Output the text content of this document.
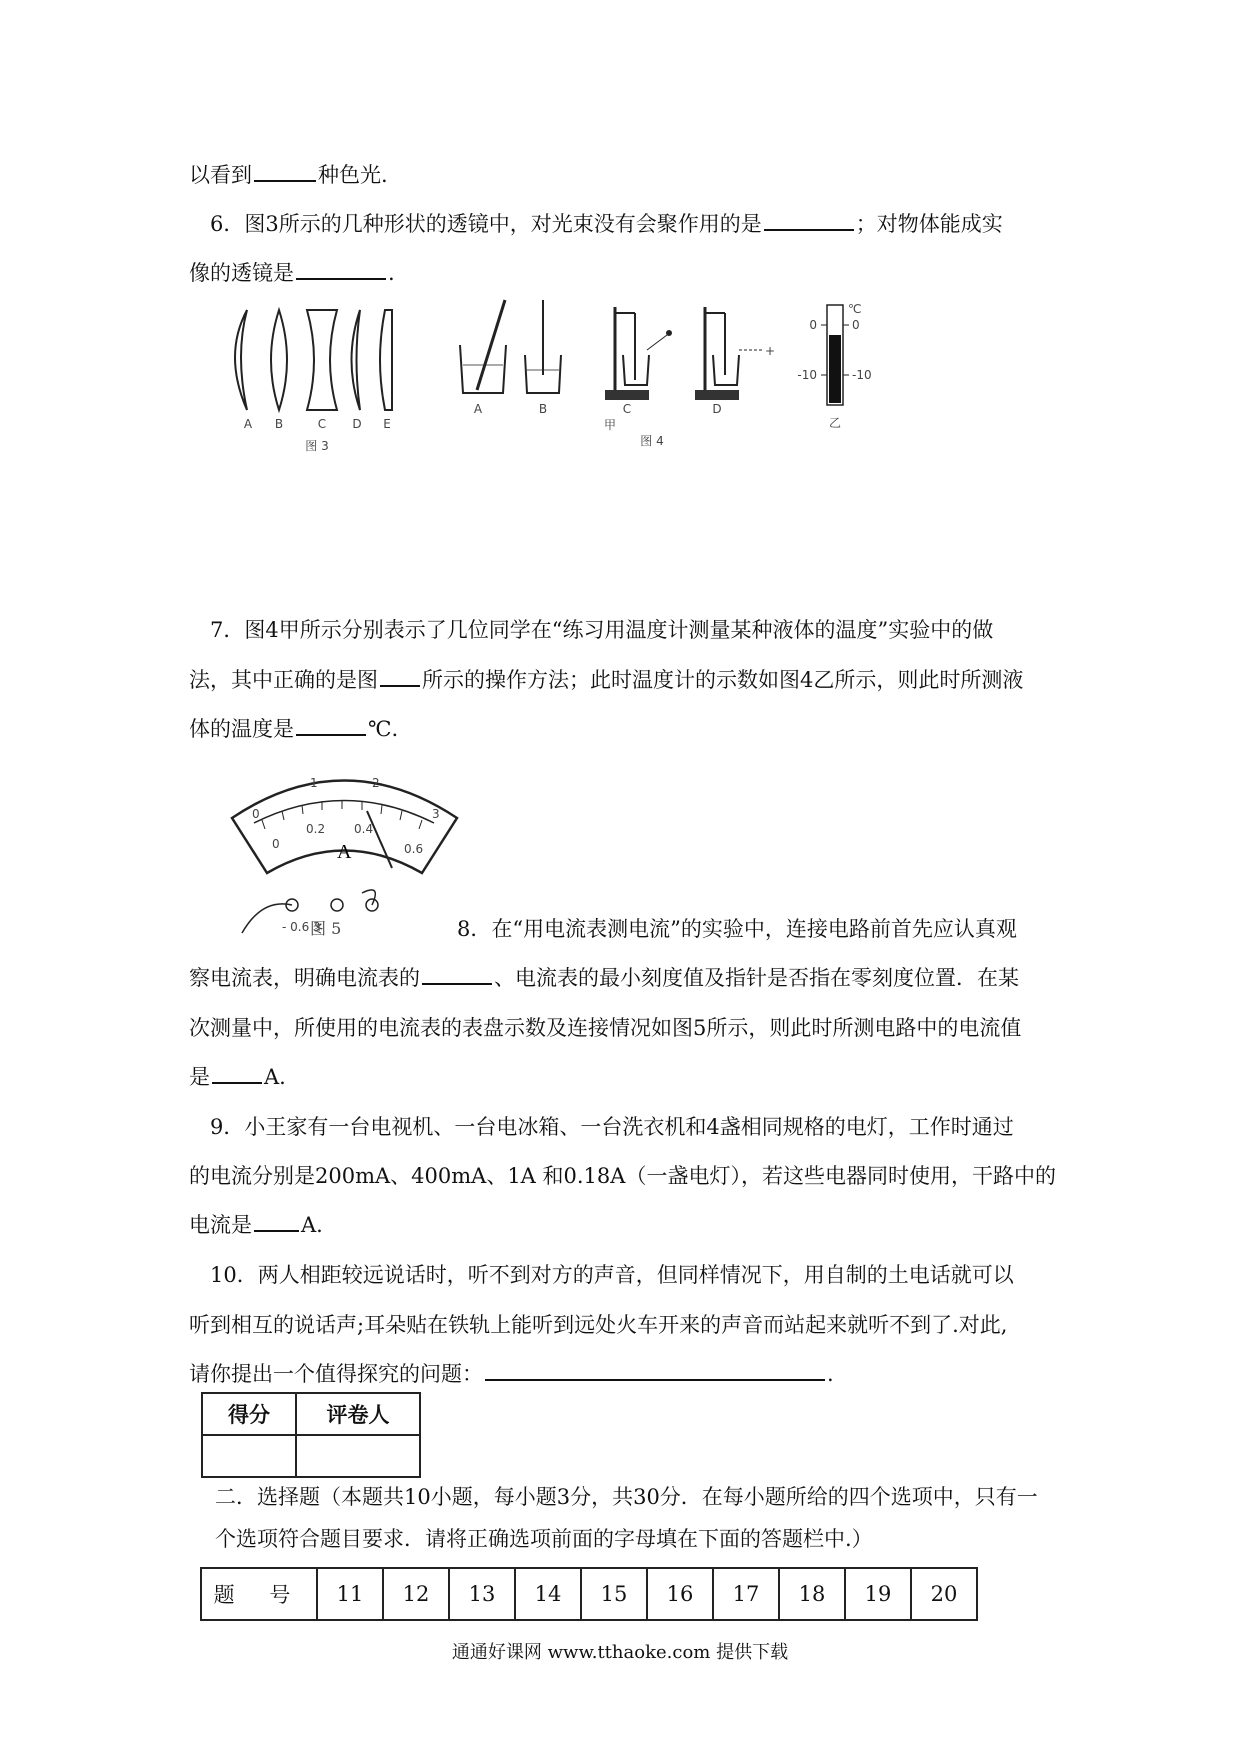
以看到	种色光.
6．图3所示的几种形状的透镜中，对光束没有会聚作用的是	；对物体能成实
像的透镜是	.
A B	C D E
图 3
+
0
-10
0
-10
℃
A	B	C	D
乙
甲
图 4
7．图4甲所示分别表示了几位同学在“练习用温度计测量某种液体的温度”实验中的做
法，其中正确的是图 所示的操作方法；此时温度计的示数如图4乙所示，则此时所测液
体的温度是	℃.
0
1	2
3
0
0.2 0.4
0.6
A
- 0.6 3
图 5	8．在“用电流表测电流”的实验中，连接电路前首先应认真观
察电流表，明确电流表的	、电流表的最小刻度值及指针是否指在零刻度位置．在某
次测量中，所使用的电流表的表盘示数及连接情况如图5所示，则此时所测电路中的电流值
是	A.
9．小王家有一台电视机、一台电冰箱、一台洗衣机和4盏相同规格的电灯，工作时通过
的电流分别是200mA、400mA、1A 和0.18A（一盏电灯），若这些电器同时使用，干路中的
电流是 A.
10．两人相距较远说话时，听不到对方的声音，但同样情况下，用自制的土电话就可以
听到相互的说话声;耳朵贴在铁轨上能听到远处火车开来的声音而站起来就听不到了.对此,
请你提出一个值得探究的问题：	.
得分	评卷人

二．选择题（本题共10小题，每小题3分，共30分．在每小题所给的四个选项中，只有一
个选项符合题目要求．请将正确选项前面的字母填在下面的答题栏中.）
题 号	11	12	13	14	15	16	17	18	19	20
通通好课网 www.tthaoke.com 提供下载
